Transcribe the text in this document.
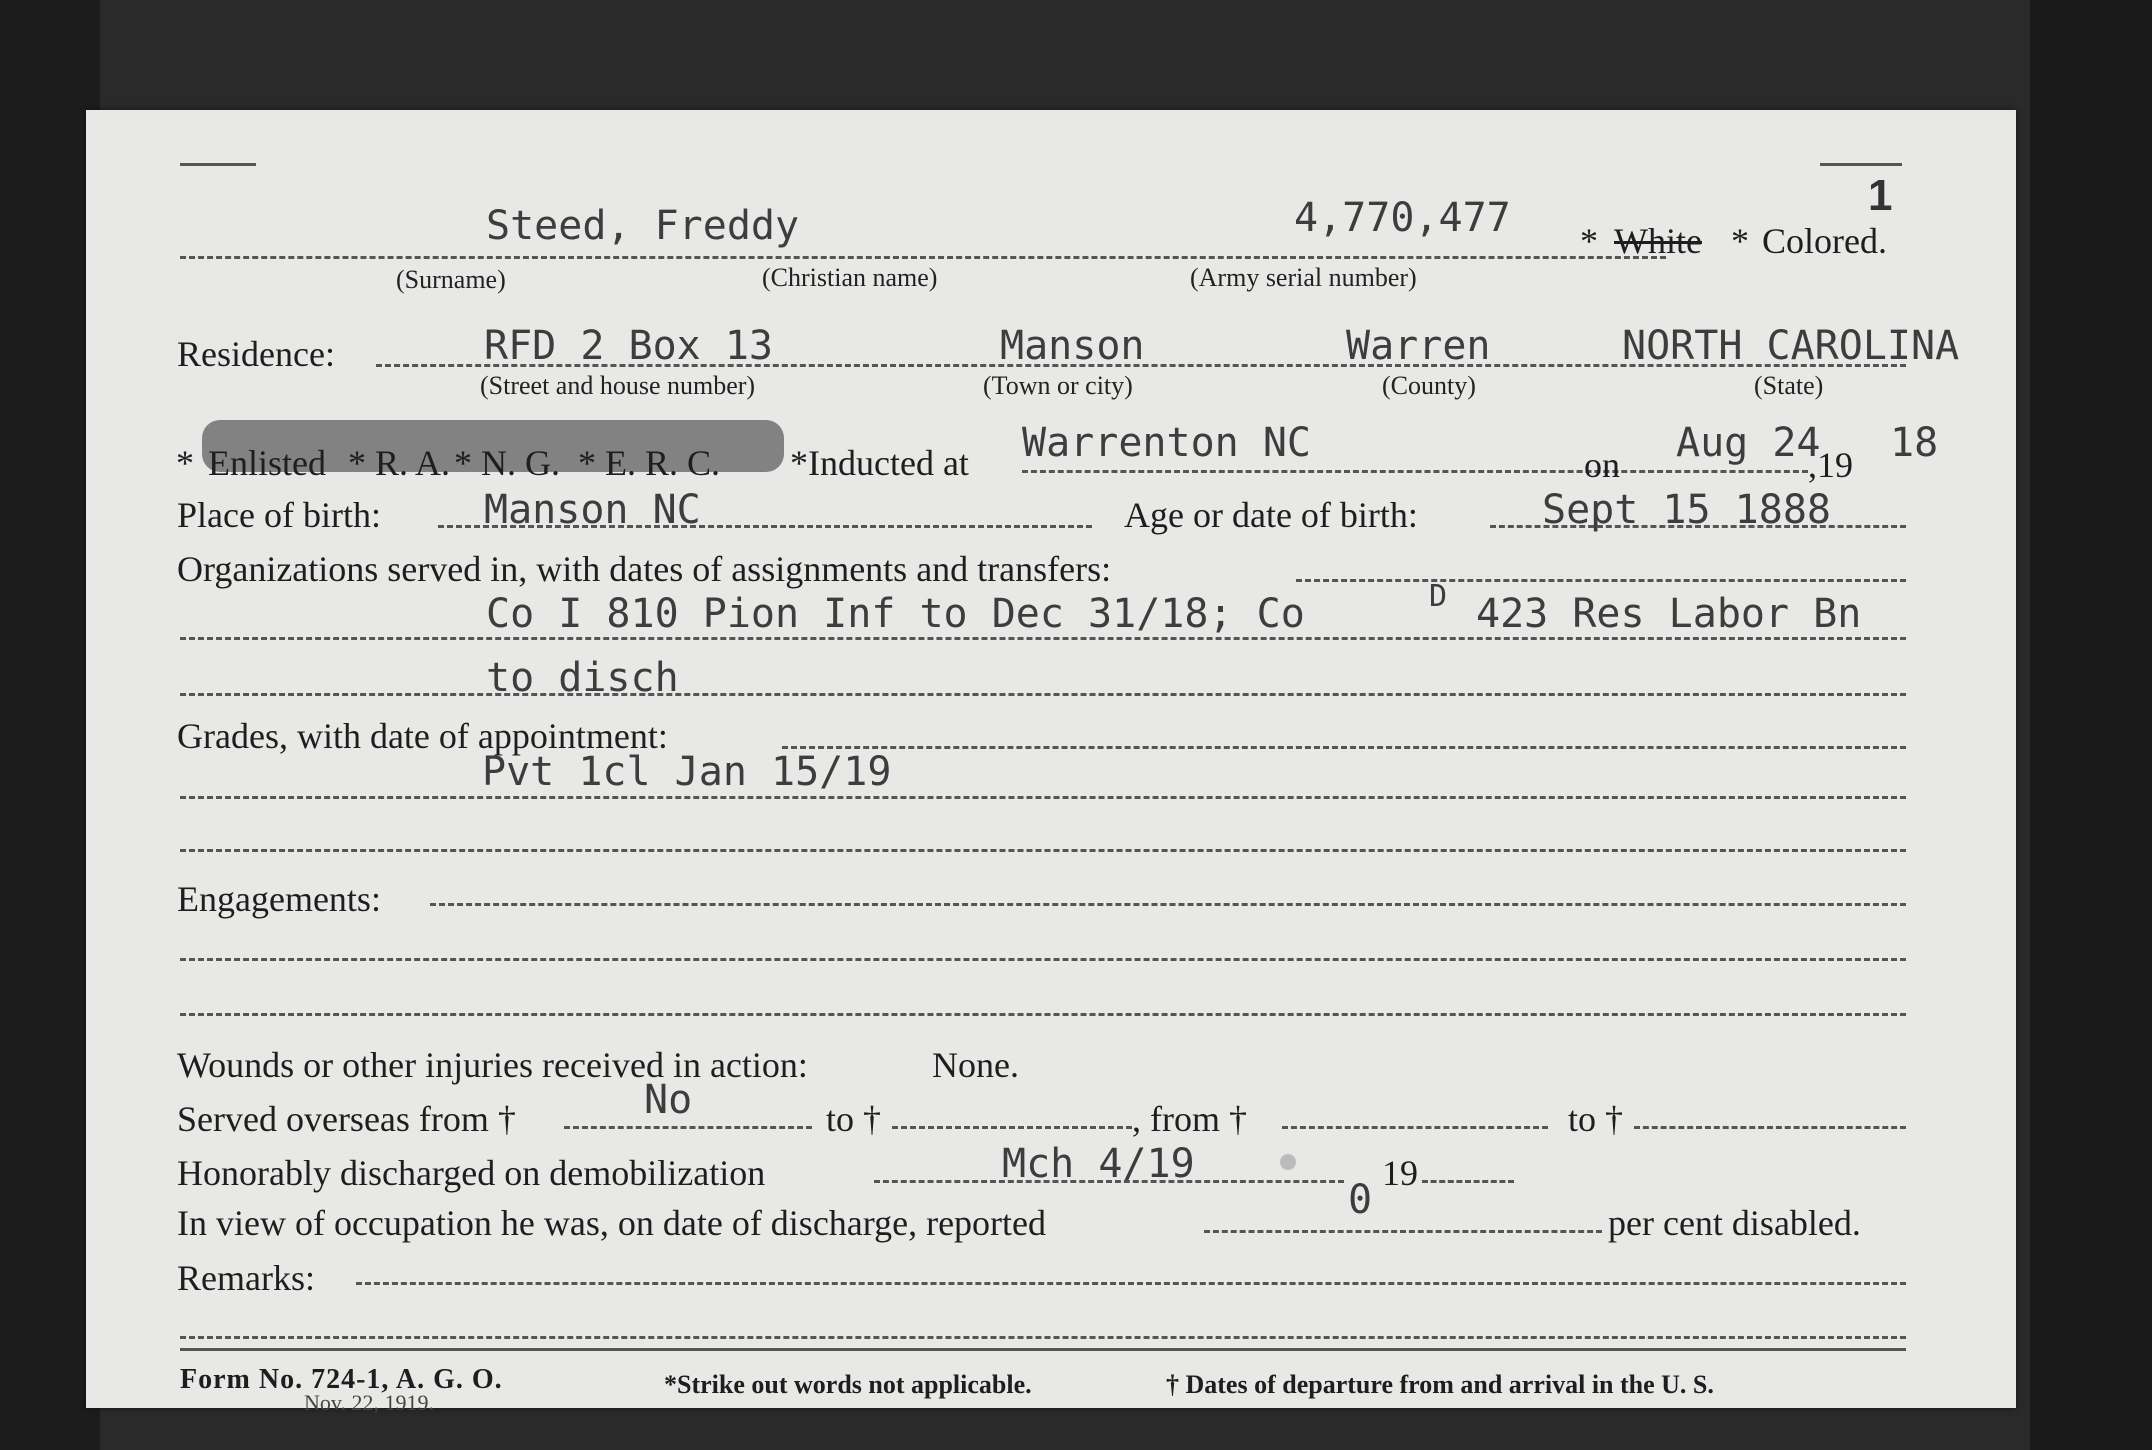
1
Steed, Freddy	4,770,477 * White * Colored.
(Surname)	(Christian name)	(Army serial number)
Residence:	RFD 2 Box 13	Manson	Warren	NORTH CAROLINA
(Street and house number)	(Town or city)	(County)	(State)
* Enlisted * R. A. * N. G. * E. R. C. *Inducted at Warrenton NC	on Aug 24
,19 18
Place of birth:	Manson NC	Age or date of birth:	Sept 15 1888
Organizations served in, with dates of assignments and transfers:
Co I 810 Pion Inf to Dec 31/18; Co	D 423 Res Labor Bn
to disch
Grades, with date of appointment:
Pvt 1cl Jan 15/19
Engagements:
Wounds or other injuries received in action:	None.
Served overseas from †	No	to †	, from †	to †
Honorably discharged on demobilization	Mch 4/19	19
In view of occupation he was, on date of discharge, reported	0	per cent disabled.
Remarks:
Form No. 724-1, A. G. O.
Nov. 22, 1919.
*Strike out words not applicable.	† Dates of departure from and arrival in the U. S.
